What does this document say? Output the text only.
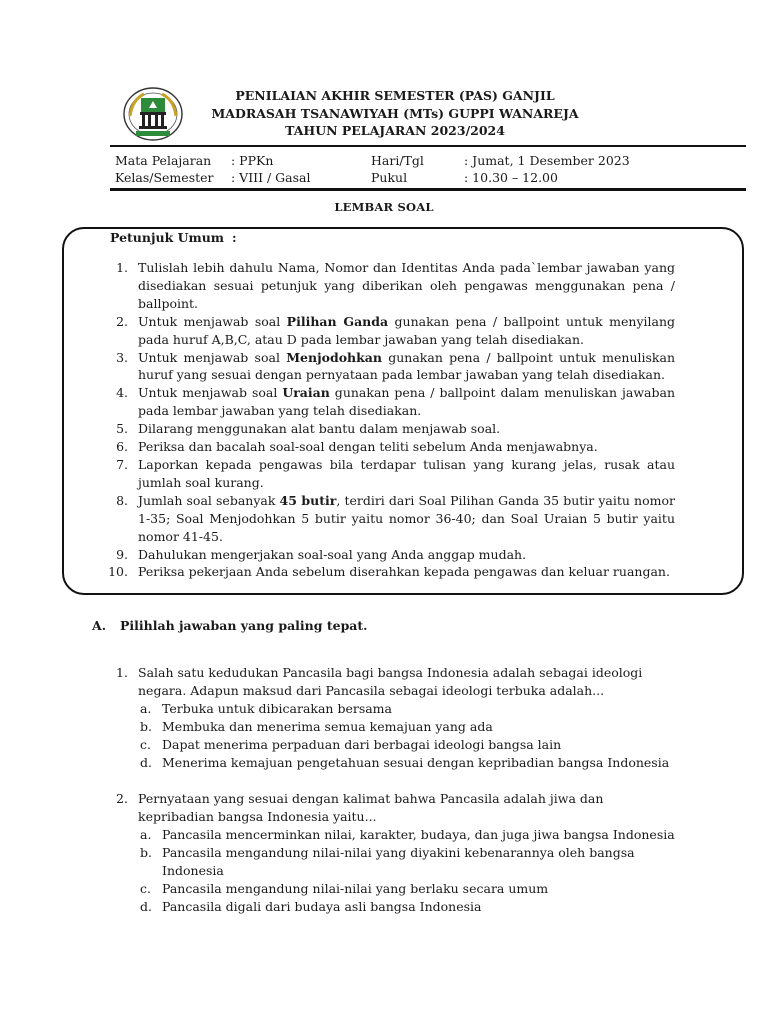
PENILAIAN AKHIR SEMESTER (PAS) GANJIL
MADRASAH TSANAWIYAH (MTs) GUPPI WANAREJA
TAHUN PELAJARAN 2023/2024
Mata Pelajaran : PPKn	Hari/Tgl	: Jumat, 1 Desember 2023
Kelas/Semester : VIII / Gasal	Pukul	: 10.30 – 12.00
LEMBAR SOAL
Petunjuk Umum :
1. Tulislah lebih dahulu Nama, Nomor dan Identitas Anda pada`lembar jawaban yang disediakan sesuai petunjuk yang diberikan oleh pengawas menggunakan pena / ballpoint.
2. Untuk menjawab soal Pilihan Ganda gunakan pena / ballpoint untuk menyilang pada huruf A,B,C, atau D pada lembar jawaban yang telah disediakan.
3. Untuk menjawab soal Menjodohkan gunakan pena / ballpoint untuk menuliskan huruf yang sesuai dengan pernyataan pada lembar jawaban yang telah disediakan.
4. Untuk menjawab soal Uraian gunakan pena / ballpoint dalam menuliskan jawaban pada lembar jawaban yang telah disediakan.
5. Dilarang menggunakan alat bantu dalam menjawab soal.
6. Periksa dan bacalah soal-soal dengan teliti sebelum Anda menjawabnya.
7. Laporkan kepada pengawas bila terdapar tulisan yang kurang jelas, rusak atau jumlah soal kurang.
8. Jumlah soal sebanyak 45 butir, terdiri dari Soal Pilihan Ganda 35 butir yaitu nomor 1-35; Soal Menjodohkan 5 butir yaitu nomor 36-40; dan Soal Uraian 5 butir yaitu nomor 41-45.
9. Dahulukan mengerjakan soal-soal yang Anda anggap mudah.
10. Periksa pekerjaan Anda sebelum diserahkan kepada pengawas dan keluar ruangan.
A. Pilihlah jawaban yang paling tepat.
1. Salah satu kedudukan Pancasila bagi bangsa Indonesia adalah sebagai ideologi negara. Adapun maksud dari Pancasila sebagai ideologi terbuka adalah...
a. Terbuka untuk dibicarakan bersama
b. Membuka dan menerima semua kemajuan yang ada
c. Dapat menerima perpaduan dari berbagai ideologi bangsa lain
d. Menerima kemajuan pengetahuan sesuai dengan kepribadian bangsa Indonesia
2. Pernyataan yang sesuai dengan kalimat bahwa Pancasila adalah jiwa dan kepribadian bangsa Indonesia yaitu...
a. Pancasila mencerminkan nilai, karakter, budaya, dan juga jiwa bangsa Indonesia
b. Pancasila mengandung nilai-nilai yang diyakini kebenarannya oleh bangsa Indonesia
c. Pancasila mengandung nilai-nilai yang berlaku secara umum
d. Pancasila digali dari budaya asli bangsa Indonesia
